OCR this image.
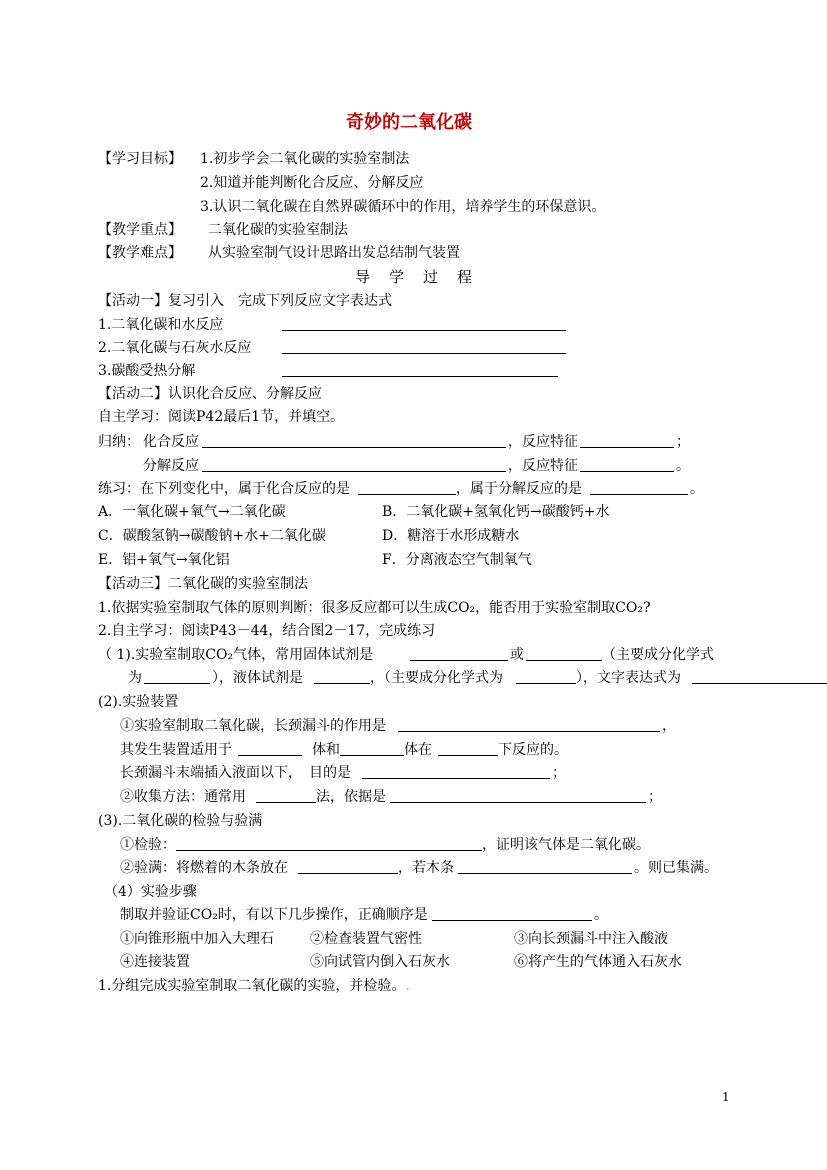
奇妙的二氧化碳
【学习目标】 1.初步学会二氧化碳的实验室制法
2.知道并能判断化合反应、分解反应
3.认识二氧化碳在自然界碳循环中的作用，培养学生的环保意识。
【教学重点】 二氧化碳的实验室制法
【教学难点】 从实验室制气设计思路出发总结制气装置
导　学　过　程
【活动一】复习引入　完成下列反应文字表达式
1.二氧化碳和水反应
2.二氧化碳与石灰水反应
3.碳酸受热分解
【活动二】认识化合反应、分解反应
自主学习：阅读P42最后1节，并填空。
归纳： 化合反应	，反应特征	；
分解反应	，反应特征	。
练习：在下列变化中，属于化合反应的是	，属于分解反应的是	。
A．一氧化碳+氧气→二氧化碳	B．二氧化碳+氢氧化钙→碳酸钙+水
C．碳酸氢钠→碳酸钠+水+二氧化碳	D．糖溶于水形成糖水
E．铝+氧气→氧化铝	F．分离液态空气制氧气
【活动三】二氧化碳的实验室制法
1.依据实验室制取气体的原则判断：很多反应都可以生成CO₂，能否用于实验室制取CO₂?
2.自主学习：阅读P43－44，结合图2－17，完成练习
（ 1).实验室制取CO₂气体，常用固体试剂是	或	（主要成分化学式
为	），液体试剂是	，（主要成分化学式为	），文字表达式为
(2).实验装置
①实验室制取二氧化碳，长颈漏斗的作用是	，
其发生装置适用于	体和	体在	下反应的。
长颈漏斗末端插入液面以下，　目的是	；
②收集方法：通常用	法，依据是	；
(3).二氧化碳的检验与验满
①检验：	，证明该气体是二氧化碳。
②验满：将燃着的木条放在	，若木条	。则已集满。
（4）实验步骤
制取并验证CO₂时，有以下几步操作，正确顺序是	。
①向锥形瓶中加入大理石	②检查装置气密性	③向长颈漏斗中注入酸液
④连接装置	⑤向试管内倒入石灰水	⑥将产生的气体通入石灰水
1.分组完成实验室制取二氧化碳的实验，并检验。.
1
